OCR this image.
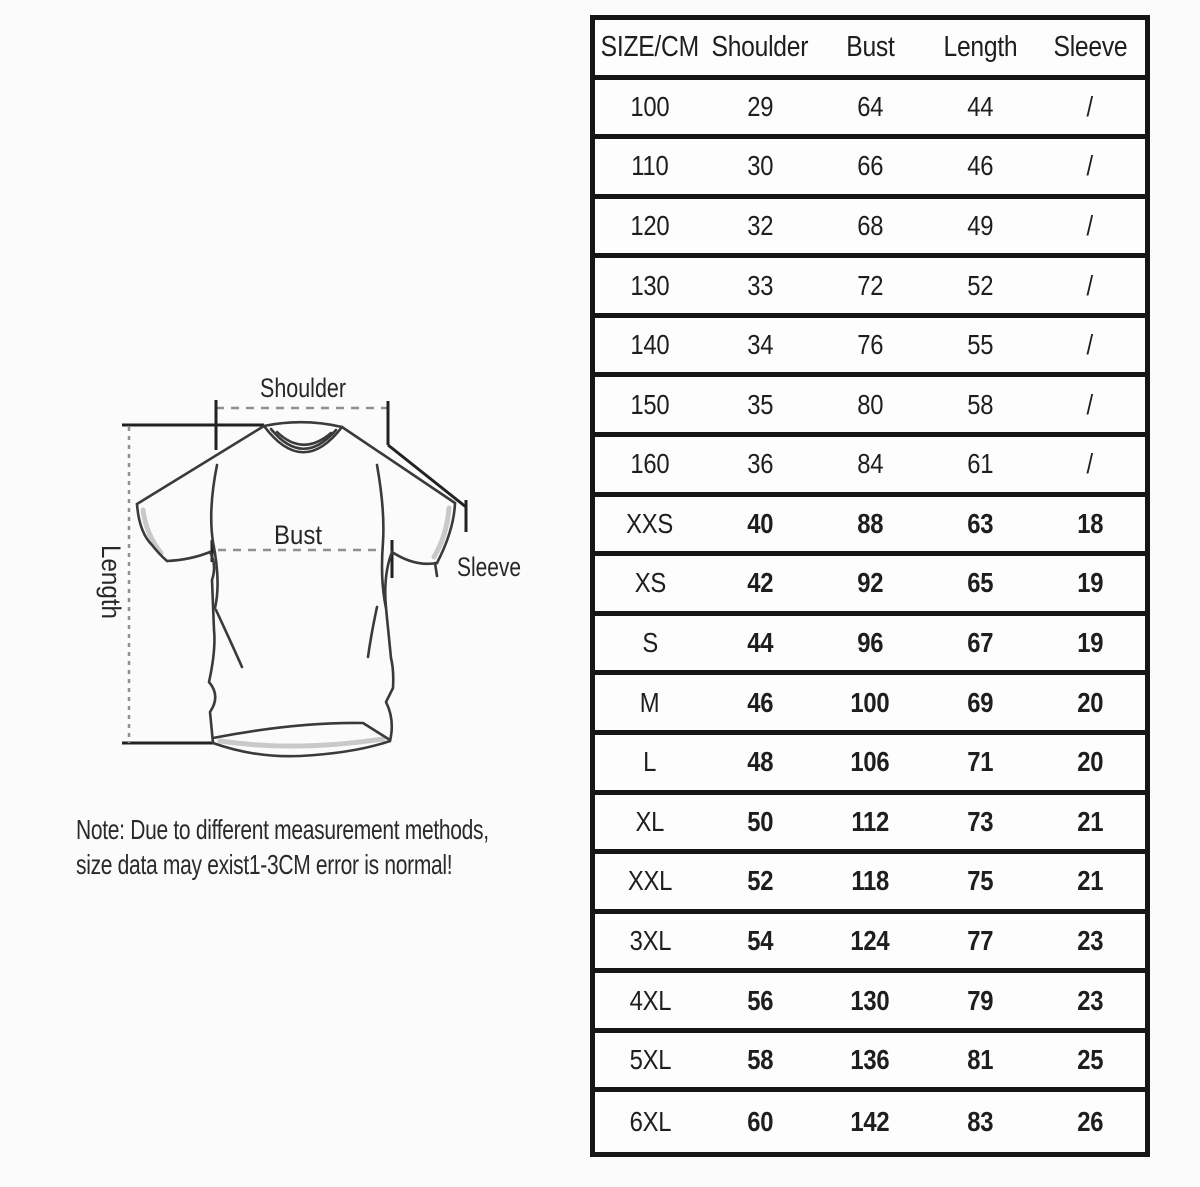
Shoulder
Bust
Sleeve
Length
Note: Due to different measurement methods,
size data may exist1-3CM error is normal!
SIZE/CM Shoulder Bust Length Sleeve
100	29	64	44	/
110	30	66	46	/
120	32	68	49	/
130	33	72	52	/
140	34	76	55	/
150	35	80	58	/
160	36	84	61	/
XXS	40	88	63	18
XS	42	92	65	19
S	44	96	67	19
M	46	100	69	20
L	48	106	71	20
XL	50	112	73	21
XXL	52	118	75	21
3XL	54	124	77	23
4XL	56	130	79	23
5XL	58	136	81	25
6XL	60	142	83	26
